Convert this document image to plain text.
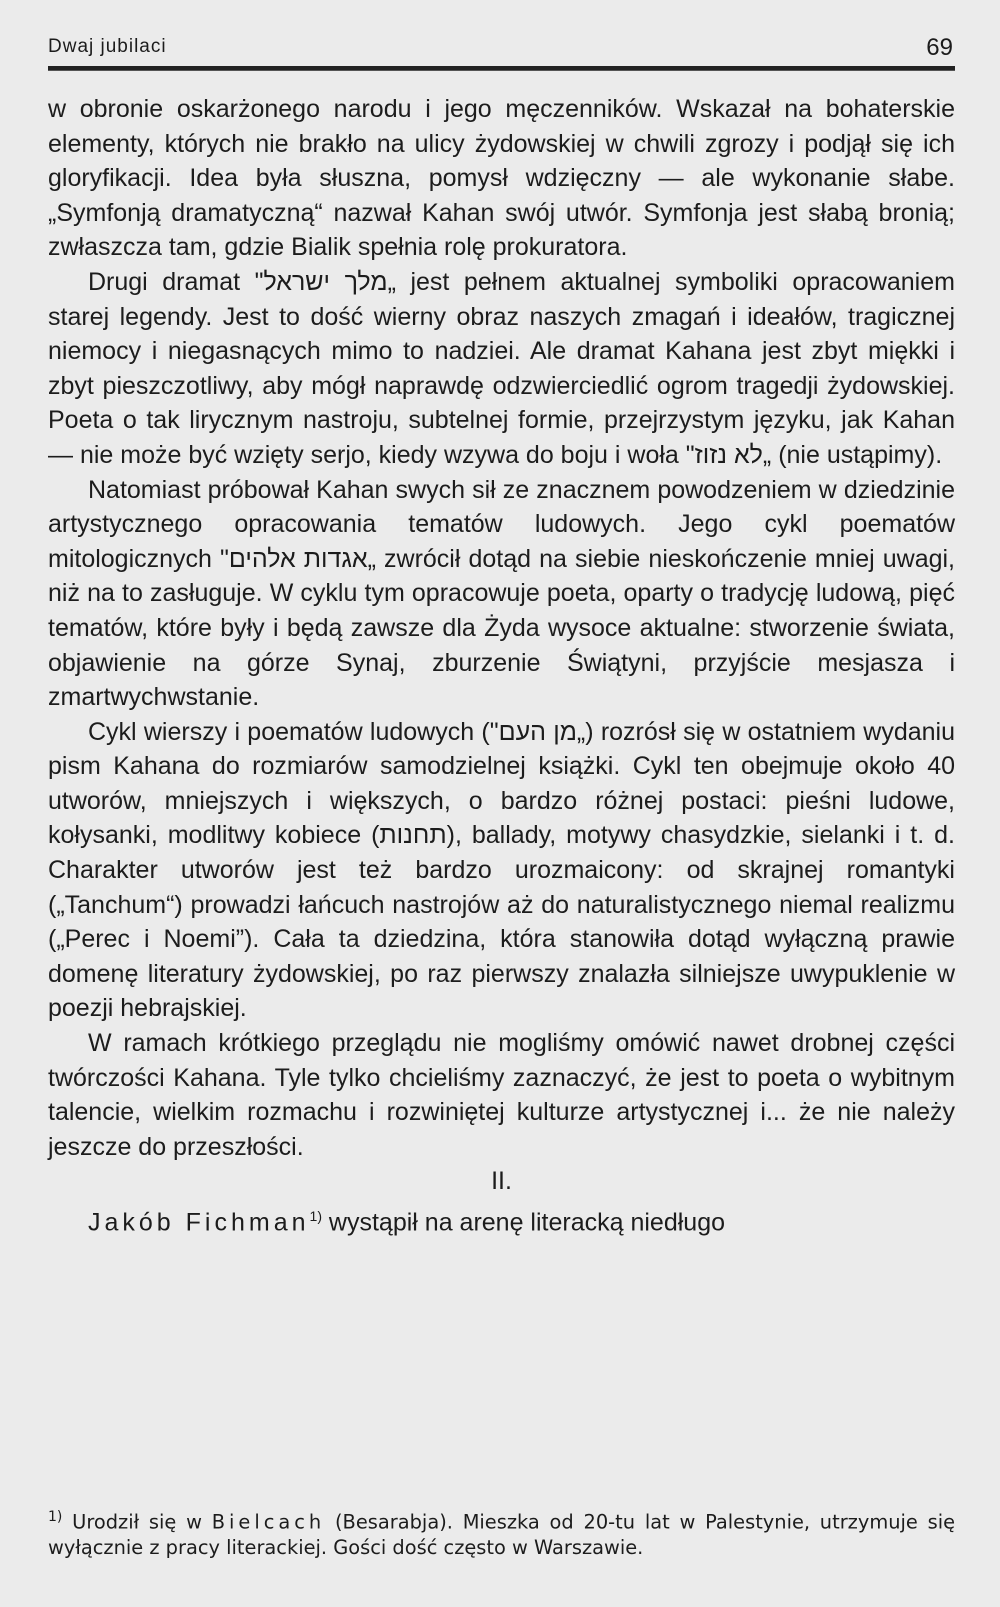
Dwaj jubilaci	69

w obronie oskarżonego narodu i jego męczenników. Wskazał na bohaterskie elementy, których nie brakło na ulicy żydowskiej w chwili zgrozy i podjął się ich gloryfikacji. Idea była słuszna, pomysł wdzięczny — ale wykonanie słabe. „Symfonją dramatyczną“ nazwał Kahan swój utwór. Symfonja jest słabą bronią; zwłaszcza tam, gdzie Bialik spełnia rolę prokuratora.

Drugi dramat "מלך ישראל„ jest pełnem aktualnej symboliki opracowaniem starej legendy. Jest to dość wierny obraz naszych zmagań i ideałów, tragicznej niemocy i niegasnących mimo to nadziei. Ale dramat Kahana jest zbyt miękki i zbyt pieszczotliwy, aby mógł naprawdę odzwierciedlić ogrom tragedji żydowskiej. Poeta o tak lirycznym nastroju, subtelnej formie, przejrzystym języku, jak Kahan — nie może być wzięty serjo, kiedy wzywa do boju i woła "לא נזוז„ (nie ustąpimy).

Natomiast próbował Kahan swych sił ze znacznem powodzeniem w dziedzinie artystycznego opracowania tematów ludowych. Jego cykl poematów mitologicznych "אגדות אלהים„ zwrócił dotąd na siebie nieskończenie mniej uwagi, niż na to zasługuje. W cyklu tym opracowuje poeta, oparty o tradycję ludową, pięć tematów, które były i będą zawsze dla Żyda wysoce aktualne: stworzenie świata, objawienie na górze Synaj, zburzenie Świątyni, przyjście mesjasza i zmartwychwstanie.

Cykl wierszy i poematów ludowych ("מן העם„) rozrósł się w ostatniem wydaniu pism Kahana do rozmiarów samodzielnej książki. Cykl ten obejmuje około 40 utworów, mniejszych i większych, o bardzo różnej postaci: pieśni ludowe, kołysanki, modlitwy kobiece (תחנות), ballady, motywy chasydzkie, sielanki i t. d. Charakter utworów jest też bardzo urozmaicony: od skrajnej romantyki („Tanchum“) prowadzi łańcuch nastrojów aż do naturalistycznego niemal realizmu („Perec i Noemi”). Cała ta dziedzina, która stanowiła dotąd wyłączną prawie domenę literatury żydowskiej, po raz pierwszy znalazła silniejsze uwypuklenie w poezji hebrajskiej.

W ramach krótkiego przeglądu nie mogliśmy omówić nawet drobnej części twórczości Kahana. Tyle tylko chcieliśmy zaznaczyć, że jest to poeta o wybitnym talencie, wielkim rozmachu i rozwiniętej kulturze artystycznej i... że nie należy jeszcze do przeszłości.

II.

Jakób Fichman$^{1)}$ wystąpił na arenę literacką niedługo

$^{1)}$ Urodził się w Bielcach (Besarabja). Mieszka od 20-tu lat w Palestynie, utrzymuje się wyłącznie z pracy literackiej. Gości dość często w Warszawie.
